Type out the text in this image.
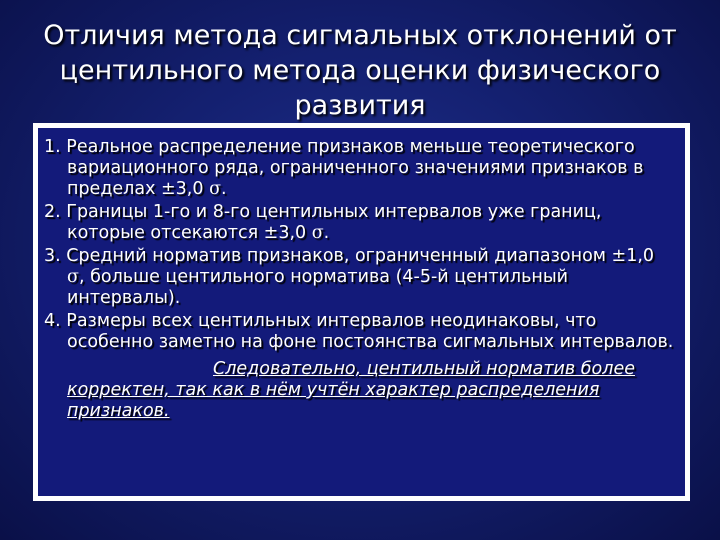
Отличия метода сигмальных отклонений от центильного метода оценки физического развития
1. Реальное распределение признаков меньше теоретического вариационного ряда, ограниченного значениями признаков в пределах ±3,0 σ.
2. Границы 1-го и 8-го центильных интервалов уже границ, которые отсекаются ±3,0 σ.
3. Средний норматив признаков, ограниченный диапазоном ±1,0 σ, больше центильного норматива (4-5-й центильный интервалы).
4. Размеры всех центильных интервалов неодинаковы, что особенно заметно на фоне постоянства сигмальных интервалов.
Следовательно, центильный норматив более корректен, так как в нём учтён характер распределения признаков.
